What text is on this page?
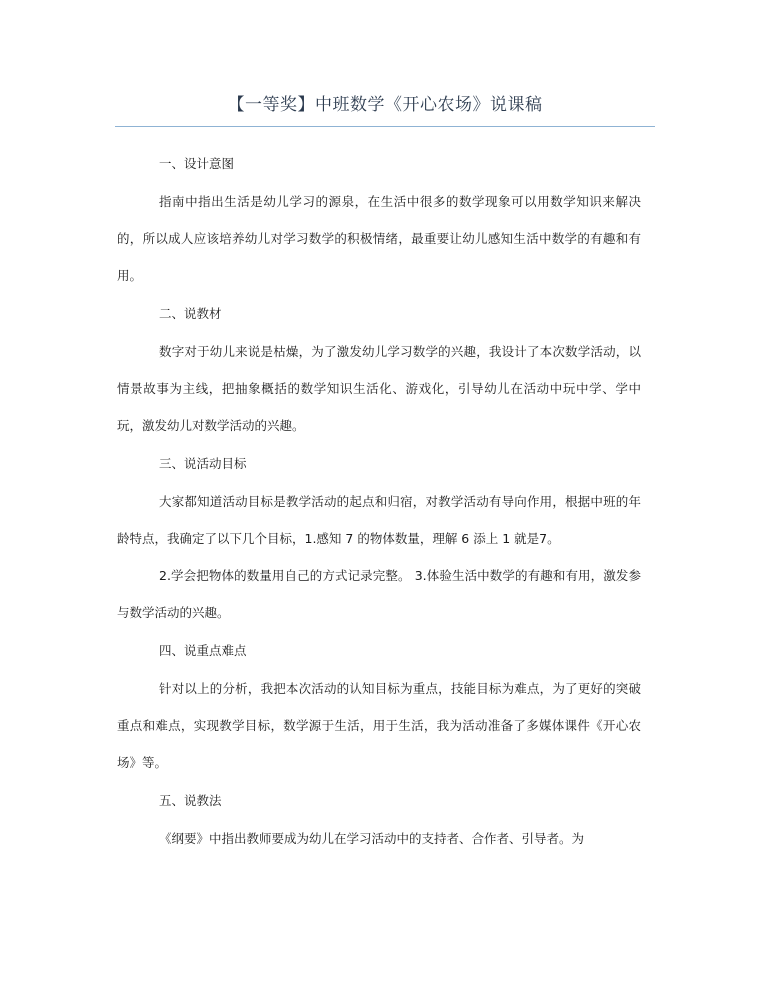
【一等奖】中班数学《开心农场》说课稿
一、设计意图

指南中指出生活是幼儿学习的源泉，在生活中很多的数学现象可以用数学知识来解决的，所以成人应该培养幼儿对学习数学的积极情绪，最重要让幼儿感知生活中数学的有趣和有用。

二、说教材

数字对于幼儿来说是枯燥，为了激发幼儿学习数学的兴趣，我设计了本次数学活动，以情景故事为主线，把抽象概括的数学知识生活化、游戏化，引导幼儿在活动中玩中学、学中玩，激发幼儿对数学活动的兴趣。

三、说活动目标

大家都知道活动目标是教学活动的起点和归宿，对教学活动有导向作用，根据中班的年龄特点，我确定了以下几个目标，1.感知 7 的物体数量，理解 6 添上 1 就是7。

2.学会把物体的数量用自己的方式记录完整。 3.体验生活中数学的有趣和有用，激发参与数学活动的兴趣。

四、说重点难点

针对以上的分析，我把本次活动的认知目标为重点，技能目标为难点，为了更好的突破重点和难点，实现教学目标，数学源于生活，用于生活，我为活动准备了多媒体课件《开心农场》等。

五、说教法

《纲要》中指出教师要成为幼儿在学习活动中的支持者、合作者、引导者。为
